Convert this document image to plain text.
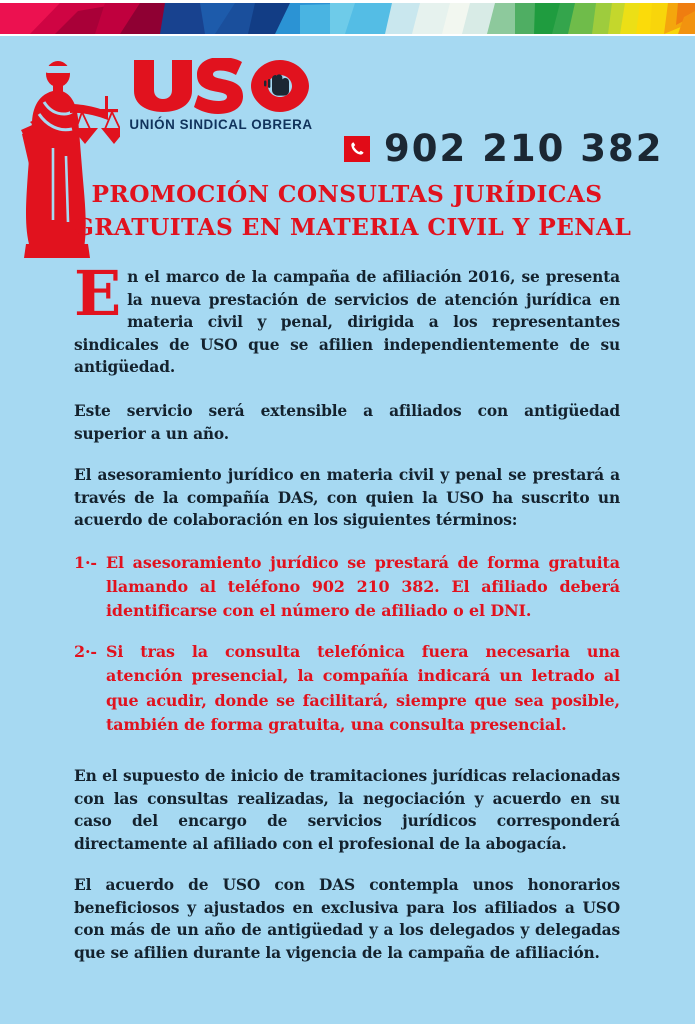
UNIÓN SINDICAL OBRERA
902 210 382
PROMOCIÓN CONSULTAS JURÍDICAS
GRATUITAS EN MATERIA CIVIL Y PENAL

En el marco de la campaña de afiliación 2016, se presenta la nueva prestación de servicios de atención jurídica en materia civil y penal, dirigida a los representantes sindicales de USO que se afilien independientemente de su antigüedad.

Este servicio será extensible a afiliados con antigüedad superior a un año.

El asesoramiento jurídico en materia civil y penal se prestará a través de la compañía DAS, con quien la USO ha suscrito un acuerdo de colaboración en los siguientes términos:

1·- El asesoramiento jurídico se prestará de forma gratuita llamando al teléfono 902 210 382. El afiliado deberá identificarse con el número de afiliado o el DNI.
2·- Si tras la consulta telefónica fuera necesaria una atención presencial, la compañía indicará un letrado al que acudir, donde se facilitará, siempre que sea posible, también de forma gratuita, una consulta presencial.

En el supuesto de inicio de tramitaciones jurídicas relacionadas con las consultas realizadas, la negociación y acuerdo en su caso del encargo de servicios jurídicos corresponderá directamente al afiliado con el profesional de la abogacía.

El acuerdo de USO con DAS contempla unos honorarios beneficiosos y ajustados en exclusiva para los afiliados a USO con más de un año de antigüedad y a los delegados y delegadas que se afilien durante la vigencia de la campaña de afiliación.
